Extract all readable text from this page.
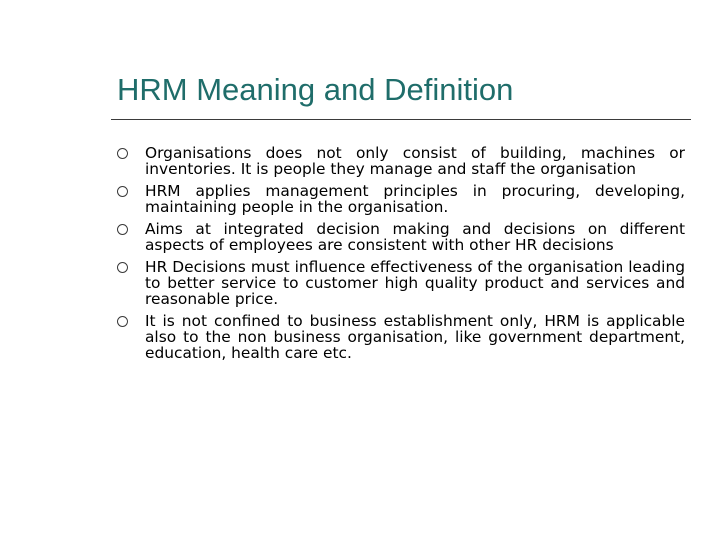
HRM Meaning and Definition
Organisations does not only consist of building, machines or inventories. It is people they manage and staff the organisation
HRM applies management principles in procuring, developing, maintaining people in the organisation.
Aims at integrated decision making and decisions on different aspects of employees are consistent with other HR decisions
HR Decisions must influence effectiveness of the organisation leading to better service to customer high quality product and services and reasonable price.
It is not confined to business establishment only, HRM is applicable also to the non business organisation, like government department, education, health care etc.
